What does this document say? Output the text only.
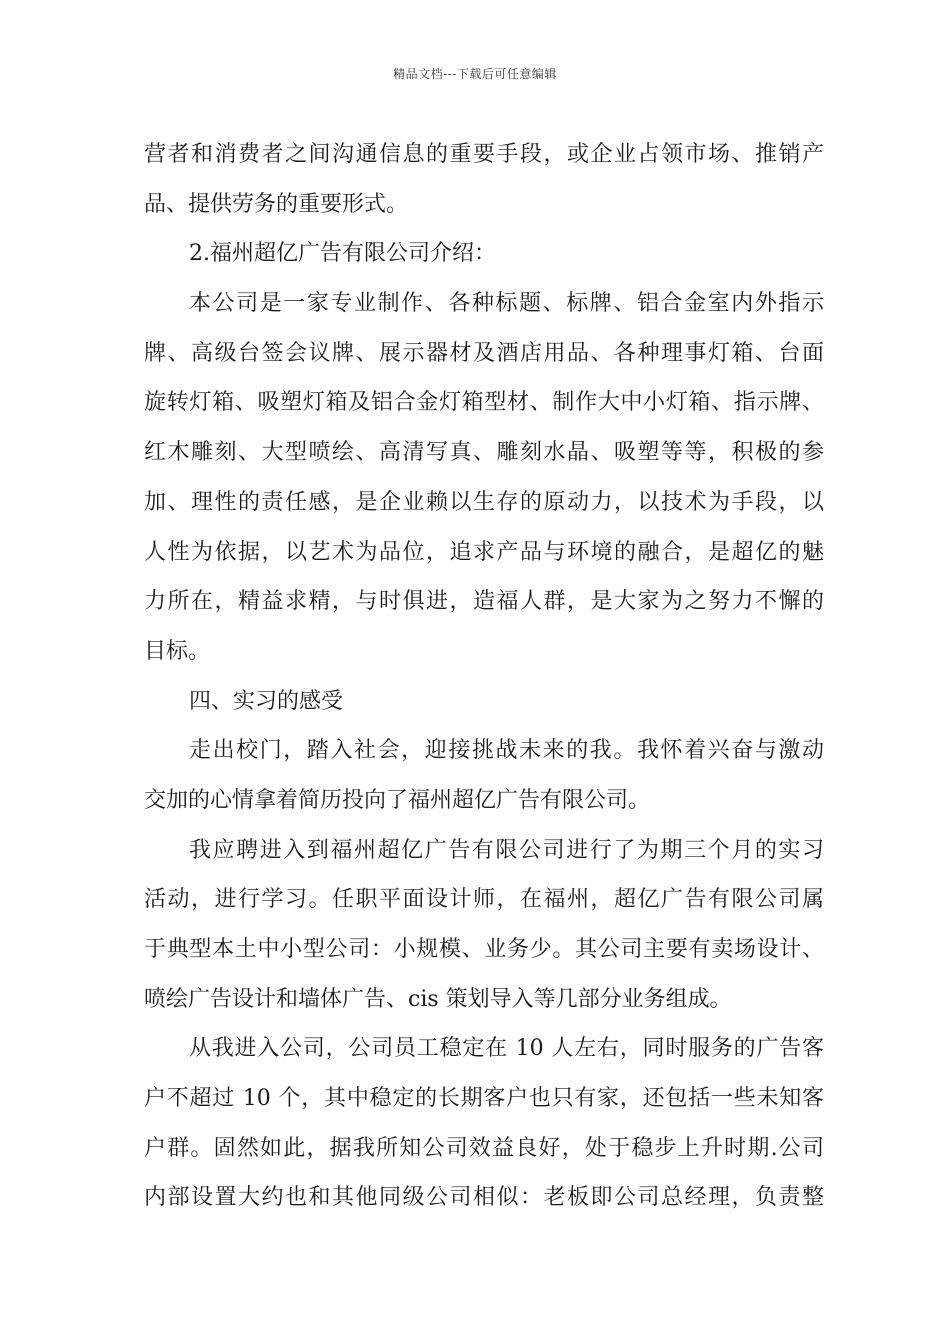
精品文档---下载后可任意编辑
营者和消费者之间沟通信息的重要手段，或企业占领市场、推销产
品、提供劳务的重要形式。
2.福州超亿广告有限公司介绍：
本公司是一家专业制作、各种标题、标牌、铝合金室内外指示
牌、高级台签会议牌、展示器材及酒店用品、各种理事灯箱、台面
旋转灯箱、吸塑灯箱及铝合金灯箱型材、制作大中小灯箱、指示牌、
红木雕刻、大型喷绘、高清写真、雕刻水晶、吸塑等等，积极的参
加、理性的责任感，是企业赖以生存的原动力，以技术为手段，以
人性为依据，以艺术为品位，追求产品与环境的融合，是超亿的魅
力所在，精益求精，与时俱进，造福人群，是大家为之努力不懈的
目标。
四、实习的感受
走出校门，踏入社会，迎接挑战未来的我。我怀着兴奋与激动
交加的心情拿着简历投向了福州超亿广告有限公司。
我应聘进入到福州超亿广告有限公司进行了为期三个月的实习
活动，进行学习。任职平面设计师，在福州，超亿广告有限公司属
于典型本土中小型公司：小规模、业务少。其公司主要有卖场设计、
喷绘广告设计和墙体广告、cis 策划导入等几部分业务组成。
从我进入公司，公司员工稳定在 10 人左右，同时服务的广告客
户不超过 10 个，其中稳定的长期客户也只有家，还包括一些未知客
户群。固然如此，据我所知公司效益良好，处于稳步上升时期.公司
内部设置大约也和其他同级公司相似：老板即公司总经理，负责整
